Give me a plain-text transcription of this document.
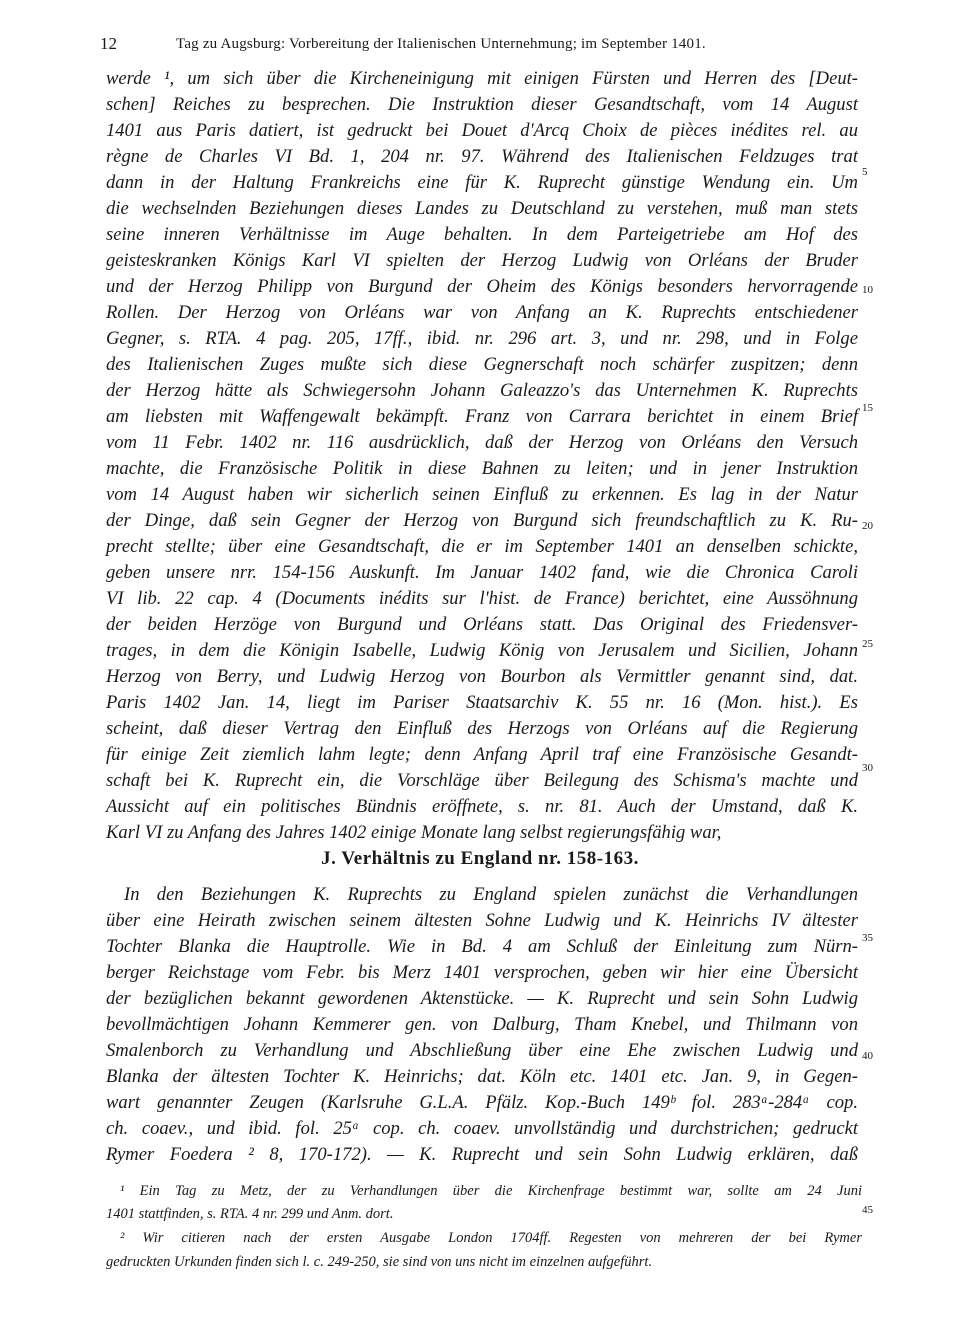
12	Tag zu Augsburg: Vorbereitung der Italienischen Unternehmung; im September 1401.
werde ¹, um sich über die Kircheneinigung mit einigen Fürsten und Herren des [Deut-
schen] Reiches zu besprechen. Die Instruktion dieser Gesandtschaft, vom 14 August
1401 aus Paris datiert, ist gedruckt bei Douet d'Arcq Choix de pièces inédites rel. au
règne de Charles VI Bd. 1, 204 nr. 97. Während des Italienischen Feldzuges trat
dann in der Haltung Frankreichs eine für K. Ruprecht günstige Wendung ein. Um
die wechselnden Beziehungen dieses Landes zu Deutschland zu verstehen, muß man stets
seine inneren Verhältnisse im Auge behalten. In dem Parteigetriebe am Hof des
geisteskranken Königs Karl VI spielten der Herzog Ludwig von Orléans der Bruder
und der Herzog Philipp von Burgund der Oheim des Königs besonders hervorragende
Rollen. Der Herzog von Orléans war von Anfang an K. Ruprechts entschiedener
Gegner, s. RTA. 4 pag. 205, 17ff., ibid. nr. 296 art. 3, und nr. 298, und in Folge
des Italienischen Zuges mußte sich diese Gegnerschaft noch schärfer zuspitzen; denn
der Herzog hätte als Schwiegersohn Johann Galeazzo's das Unternehmen K. Ruprechts
am liebsten mit Waffengewalt bekämpft. Franz von Carrara berichtet in einem Brief
vom 11 Febr. 1402 nr. 116 ausdrücklich, daß der Herzog von Orléans den Versuch
machte, die Französische Politik in diese Bahnen zu leiten; und in jener Instruktion
vom 14 August haben wir sicherlich seinen Einfluß zu erkennen. Es lag in der Natur
der Dinge, daß sein Gegner der Herzog von Burgund sich freundschaftlich zu K. Ru-
precht stellte; über eine Gesandtschaft, die er im September 1401 an denselben schickte,
geben unsere nrr. 154-156 Auskunft. Im Januar 1402 fand, wie die Chronica Caroli
VI lib. 22 cap. 4 (Documents inédits sur l'hist. de France) berichtet, eine Aussöhnung
der beiden Herzöge von Burgund und Orléans statt. Das Original des Friedensver-
trages, in dem die Königin Isabelle, Ludwig König von Jerusalem und Sicilien, Johann
Herzog von Berry, und Ludwig Herzog von Bourbon als Vermittler genannt sind, dat.
Paris 1402 Jan. 14, liegt im Pariser Staatsarchiv K. 55 nr. 16 (Mon. hist.). Es
scheint, daß dieser Vertrag den Einfluß des Herzogs von Orléans auf die Regierung
für einige Zeit ziemlich lahm legte; denn Anfang April traf eine Französische Gesandt-
schaft bei K. Ruprecht ein, die Vorschläge über Beilegung des Schisma's machte und
Aussicht auf ein politisches Bündnis eröffnete, s. nr. 81. Auch der Umstand, daß K.
Karl VI zu Anfang des Jahres 1402 einige Monate lang selbst regierungsfähig war,
J. Verhältnis zu England nr. 158-163.
In den Beziehungen K. Ruprechts zu England spielen zunächst die Verhandlungen
über eine Heirath zwischen seinem ältesten Sohne Ludwig und K. Heinrichs IV ältester
Tochter Blanka die Hauptrolle. Wie in Bd. 4 am Schluß der Einleitung zum Nürn-
berger Reichstage vom Febr. bis Merz 1401 versprochen, geben wir hier eine Übersicht
der bezüglichen bekannt gewordenen Aktenstücke. — K. Ruprecht und sein Sohn Ludwig
bevollmächtigen Johann Kemmerer gen. von Dalburg, Tham Knebel, und Thilmann von
Smalenborch zu Verhandlung und Abschließung über eine Ehe zwischen Ludwig und
Blanka der ältesten Tochter K. Heinrichs; dat. Köln etc. 1401 etc. Jan. 9, in Gegen-
wart genannter Zeugen (Karlsruhe G.L.A. Pfälz. Kop.-Buch 149ᵇ fol. 283ᵃ-284ᵃ cop.
ch. coaev., und ibid. fol. 25ᵃ cop. ch. coaev. unvollständig und durchstrichen; gedruckt
Rymer Foedera ² 8, 170-172). — K. Ruprecht und sein Sohn Ludwig erklären, daß
5
10
15
20
25
30
35
40
45
¹ Ein Tag zu Metz, der zu Verhandlungen über die Kirchenfrage bestimmt war, sollte am 24 Juni
1401 stattfinden, s. RTA. 4 nr. 299 und Anm. dort.
² Wir citieren nach der ersten Ausgabe London 1704ff. Regesten von mehreren der bei Rymer
gedruckten Urkunden finden sich l. c. 249-250, sie sind von uns nicht im einzelnen aufgeführt.
